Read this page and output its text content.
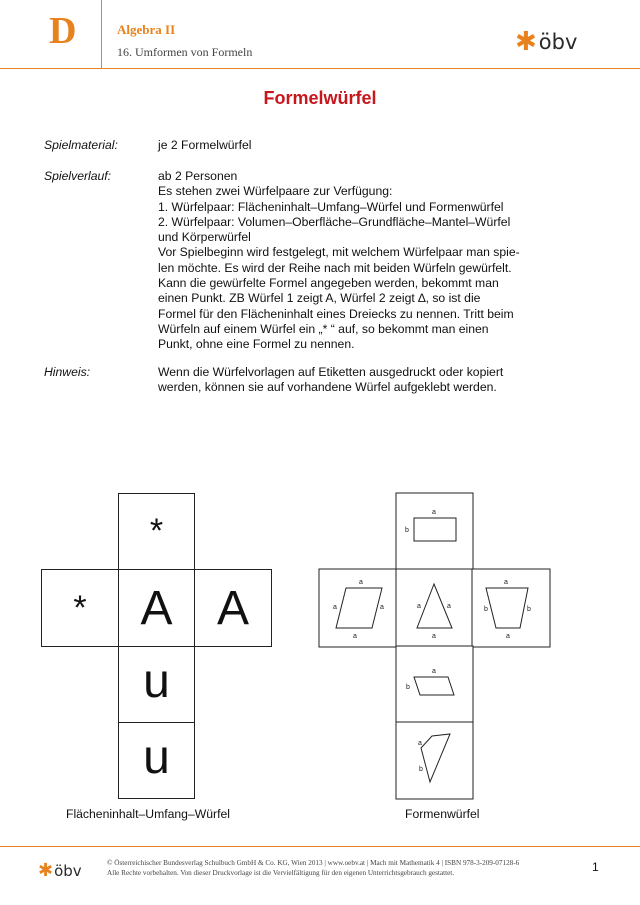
D	Algebra II
16. Umformen von Formeln	✱öbv
Formelwürfel
Spielmaterial:	je 2 Formelwürfel
Spielverlauf:	ab 2 Personen
Es stehen zwei Würfelpaare zur Verfügung:
1. Würfelpaar: Flächeninhalt–Umfang–Würfel und Formenwürfel
2. Würfelpaar: Volumen–Oberfläche–Grundfläche–Mantel–Würfel
und Körperwürfel
Vor Spielbeginn wird festgelegt, mit welchem Würfelpaar man spie-
len möchte. Es wird der Reihe nach mit beiden Würfeln gewürfelt.
Kann die gewürfelte Formel angegeben werden, bekommt man
einen Punkt. ZB Würfel 1 zeigt A, Würfel 2 zeigt ∆, so ist die
Formel für den Flächeninhalt eines Dreiecks zu nennen. Tritt beim
Würfeln auf einem Würfel ein „* “ auf, so bekommt man einen
Punkt, ohne eine Formel zu nennen.
Hinweis:	Wenn die Würfelvorlagen auf Etiketten ausgedruckt oder kopiert
werden, können sie auf vorhandene Würfel aufgeklebt werden.
*
*	A A
u
u
Flächeninhalt–Umfang–Würfel
a
b
a
a	a
a
a	a
a
a
b	b
a
a
b
a
b
Formenwürfel
✱öbv	© Österreichischer Bundesverlag Schulbuch GmbH & Co. KG, Wien 2013 | www.oebv.at | Mach mit Mathematik 4 | ISBN 978-3-209-07128-6
Alle Rechte vorbehalten. Von dieser Druckvorlage ist die Vervielfältigung für den eigenen Unterrichtsgebrauch gestattet.	1
